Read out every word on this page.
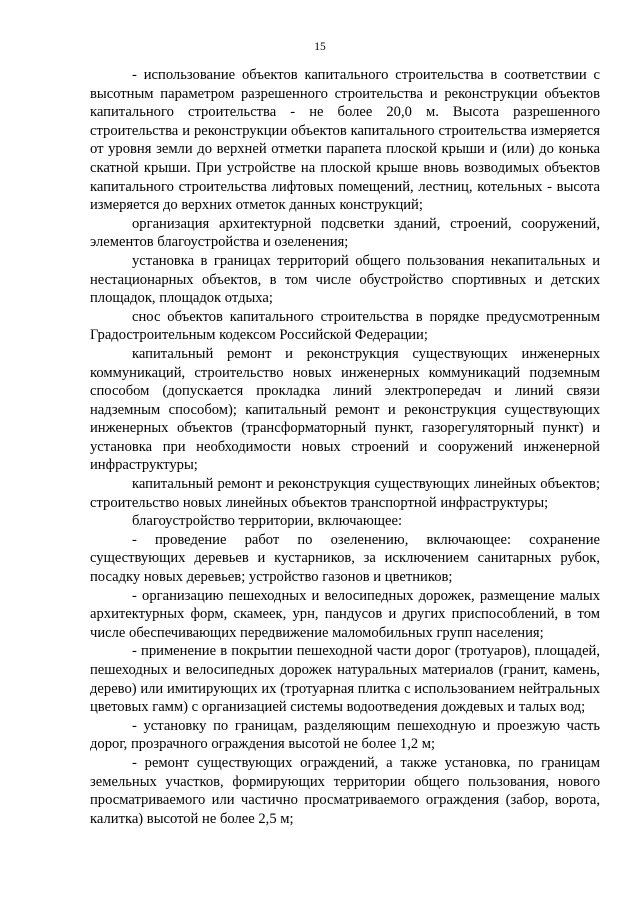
15

- использование объектов капитального строительства в соответствии с высотным параметром разрешенного строительства и реконструкции объектов капитального строительства - не более 20,0 м. Высота разрешенного строительства и реконструкции объектов капитального строительства измеряется от уровня земли до верхней отметки парапета плоской крыши и (или) до конька скатной крыши. При устройстве на плоской крыше вновь возводимых объектов капитального строительства лифтовых помещений, лестниц, котельных - высота измеряется до верхних отметок данных конструкций;

организация архитектурной подсветки зданий, строений, сооружений, элементов благоустройства и озеленения;

установка в границах территорий общего пользования некапитальных и нестационарных объектов, в том числе обустройство спортивных и детских площадок, площадок отдыха;

снос объектов капитального строительства в порядке предусмотренным Градостроительным кодексом Российской Федерации;

капитальный ремонт и реконструкция существующих инженерных коммуникаций, строительство новых инженерных коммуникаций подземным способом (допускается прокладка линий электропередач и линий связи надземным способом); капитальный ремонт и реконструкция существующих инженерных объектов (трансформаторный пункт, газорегуляторный пункт) и установка при необходимости новых строений и сооружений инженерной инфраструктуры;

капитальный ремонт и реконструкция существующих линейных объектов; строительство новых линейных объектов транспортной инфраструктуры;

благоустройство территории, включающее:

- проведение работ по озеленению, включающее: сохранение существующих деревьев и кустарников, за исключением санитарных рубок, посадку новых деревьев; устройство газонов и цветников;

- организацию пешеходных и велосипедных дорожек, размещение малых архитектурных форм, скамеек, урн, пандусов и других приспособлений, в том числе обеспечивающих передвижение маломобильных групп населения;

- применение в покрытии пешеходной части дорог (тротуаров), площадей, пешеходных и велосипедных дорожек натуральных материалов (гранит, камень, дерево) или имитирующих их (тротуарная плитка с использованием нейтральных цветовых гамм) с организацией системы водоотведения дождевых и талых вод;

- установку по границам, разделяющим пешеходную и проезжую часть дорог, прозрачного ограждения высотой не более 1,2 м;

- ремонт существующих ограждений, а также установка, по границам земельных участков, формирующих территории общего пользования, нового просматриваемого или частично просматриваемого ограждения (забор, ворота, калитка) высотой не более 2,5 м;
